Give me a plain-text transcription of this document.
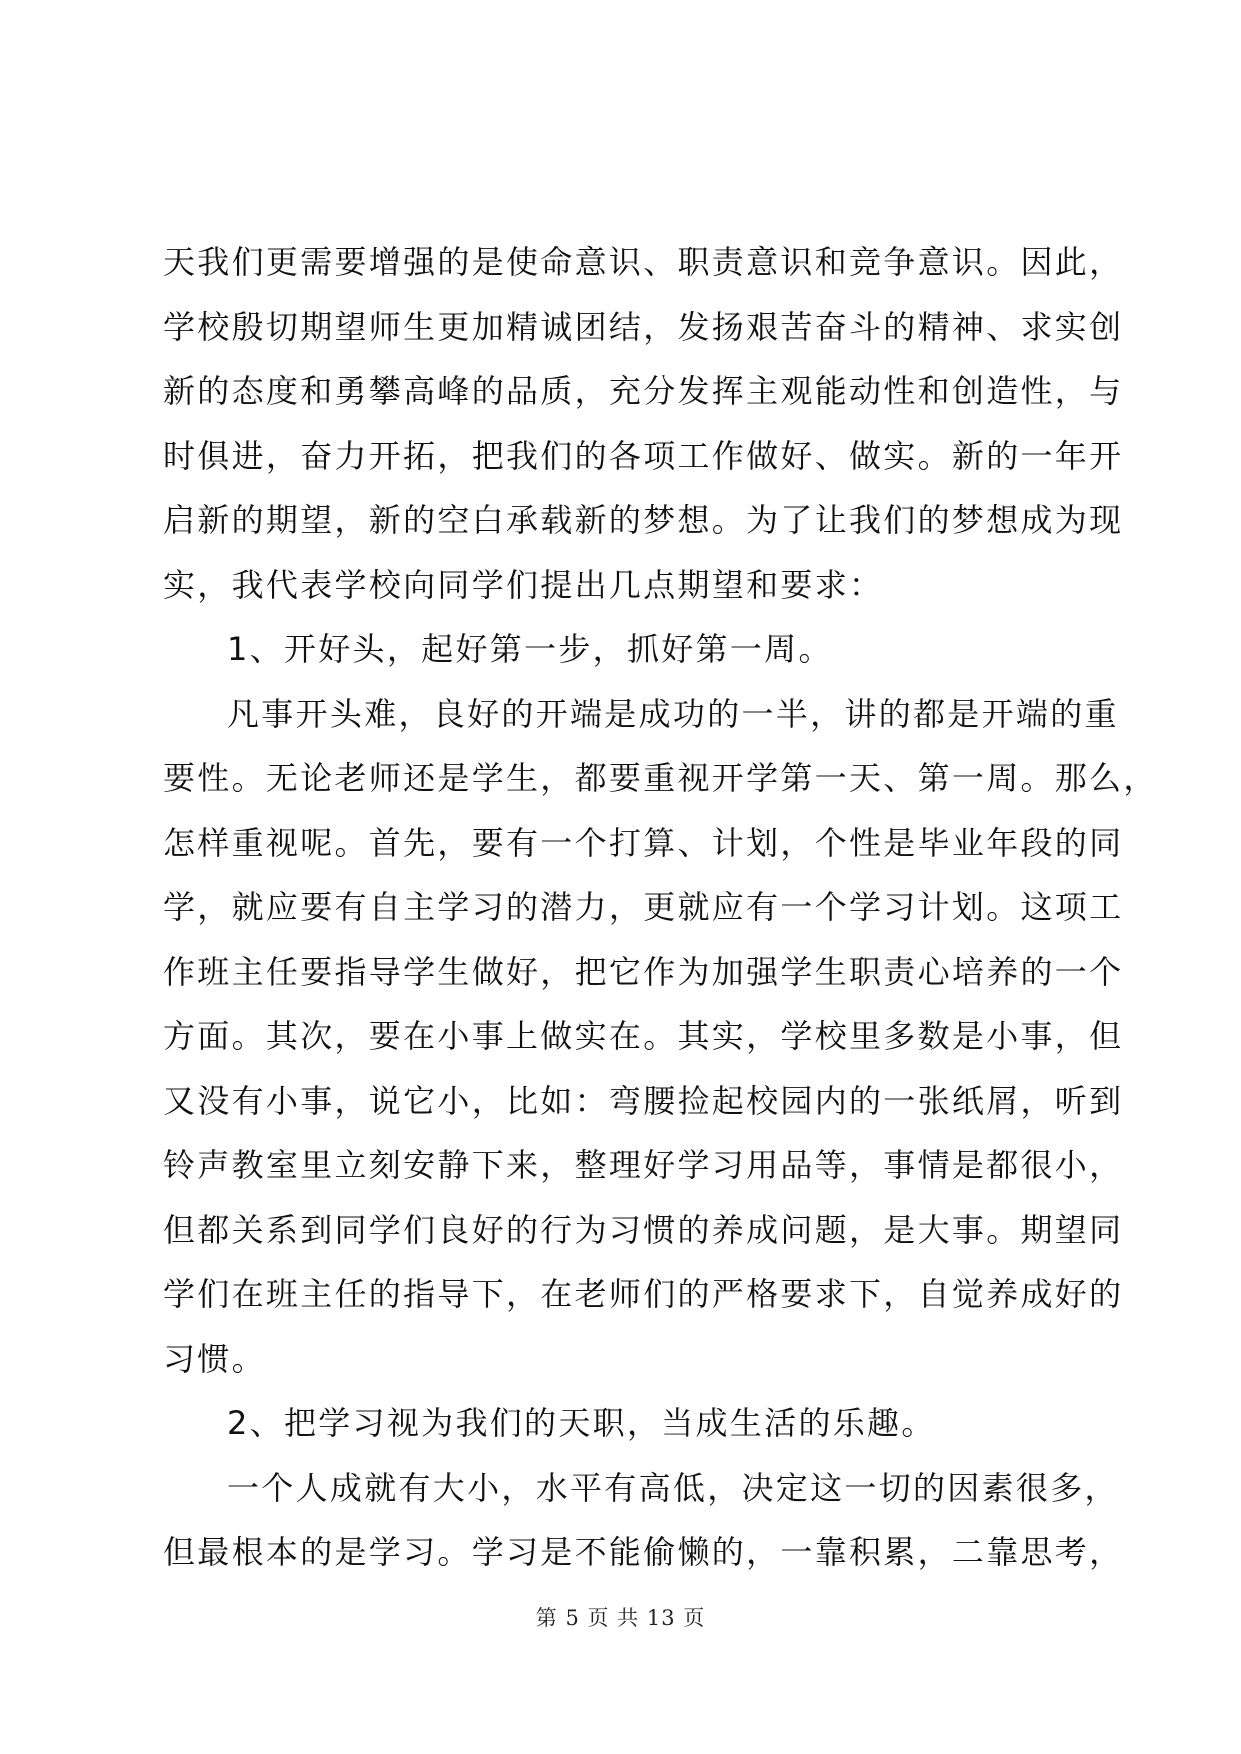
天我们更需要增强的是使命意识、职责意识和竞争意识。因此，
学校殷切期望师生更加精诚团结，发扬艰苦奋斗的精神、求实创
新的态度和勇攀高峰的品质，充分发挥主观能动性和创造性，与
时俱进，奋力开拓，把我们的各项工作做好、做实。新的一年开
启新的期望，新的空白承载新的梦想。为了让我们的梦想成为现
实，我代表学校向同学们提出几点期望和要求：
1、开好头，起好第一步，抓好第一周。
凡事开头难，良好的开端是成功的一半，讲的都是开端的重
要性。无论老师还是学生，都要重视开学第一天、第一周。那么，
怎样重视呢。首先，要有一个打算、计划，个性是毕业年段的同
学，就应要有自主学习的潜力，更就应有一个学习计划。这项工
作班主任要指导学生做好，把它作为加强学生职责心培养的一个
方面。其次，要在小事上做实在。其实，学校里多数是小事，但
又没有小事，说它小，比如：弯腰捡起校园内的一张纸屑，听到
铃声教室里立刻安静下来，整理好学习用品等，事情是都很小，
但都关系到同学们良好的行为习惯的养成问题，是大事。期望同
学们在班主任的指导下，在老师们的严格要求下，自觉养成好的
习惯。
2、把学习视为我们的天职，当成生活的乐趣。
一个人成就有大小，水平有高低，决定这一切的因素很多，
但最根本的是学习。学习是不能偷懒的，一靠积累，二靠思考，
第 5 页 共 13 页
